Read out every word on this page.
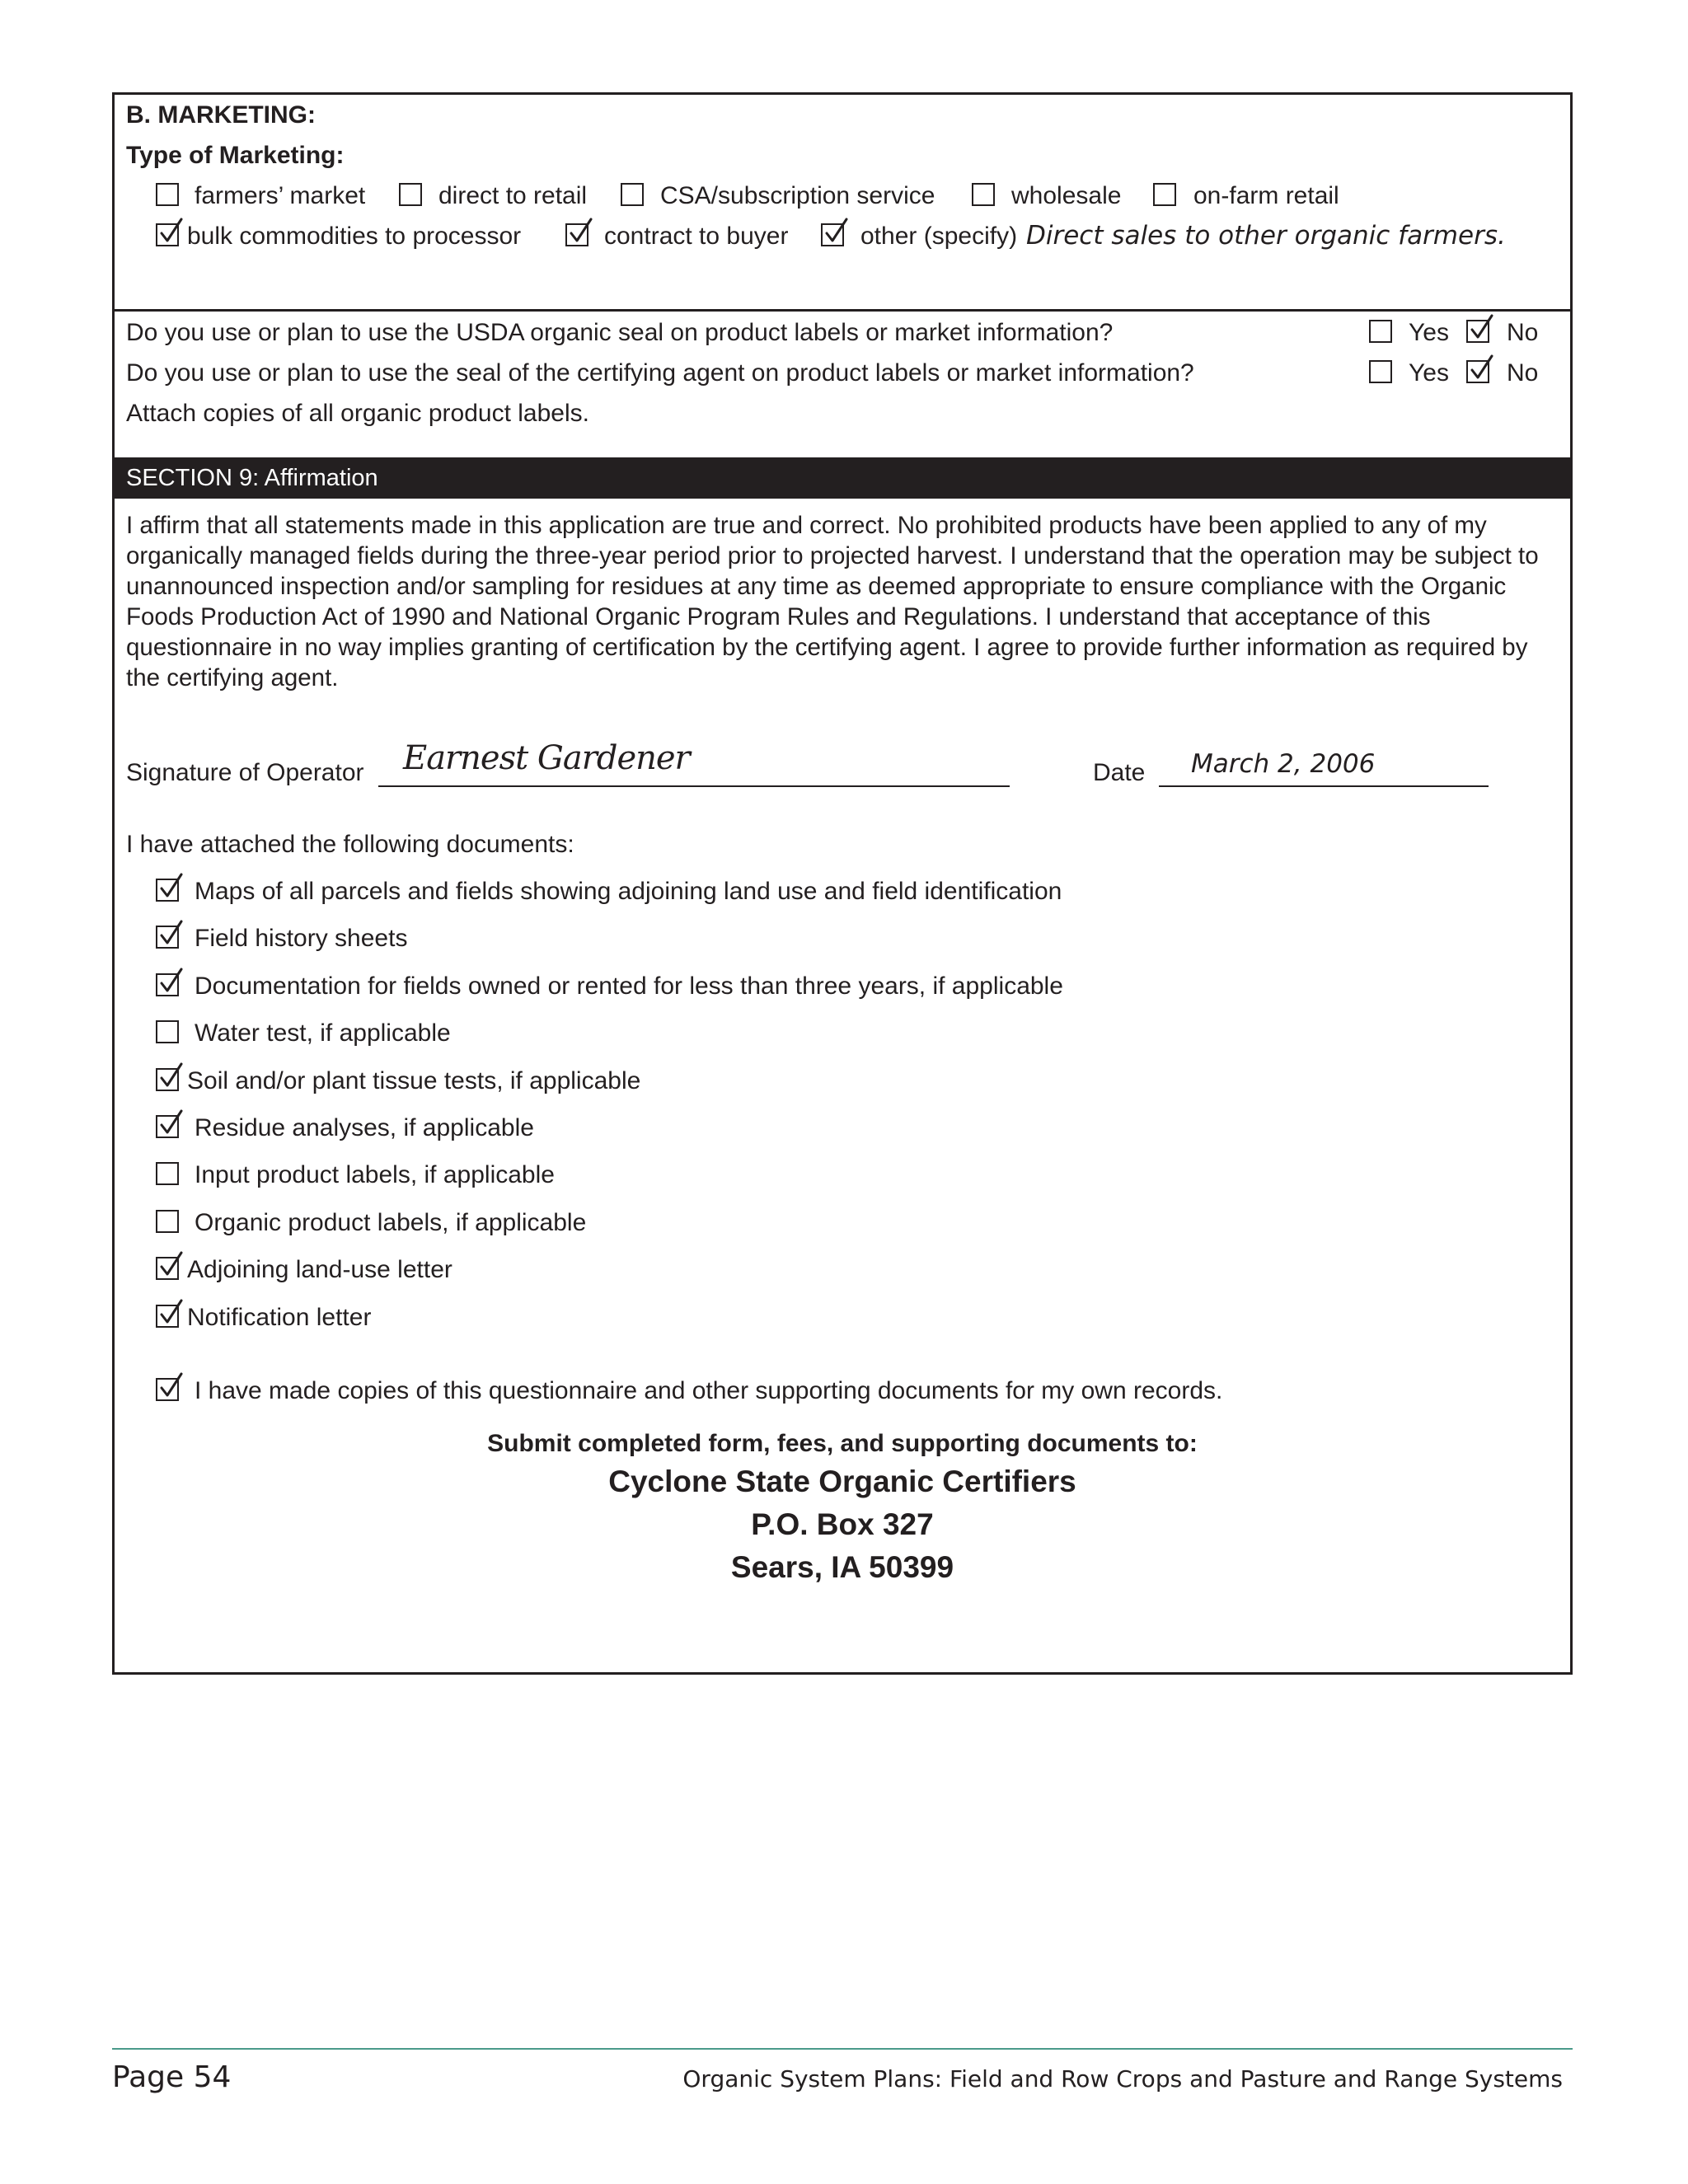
B. MARKETING:
Type of Marketing:
farmers’ market	direct to retail	CSA/subscription service	wholesale	on-farm retail
bulk commodities to processor	contract to buyer	other (specify) Direct sales to other organic farmers.
Do you use or plan to use the USDA organic seal on product labels or market information?	Yes No
Do you use or plan to use the seal of the certifying agent on product labels or market information?	Yes No
Attach copies of all organic product labels.
SECTION 9: Affirmation
I affirm that all statements made in this application are true and correct. No prohibited products have been applied to any of my organically managed fields during the three-year period prior to projected harvest. I understand that the operation may be subject to unannounced inspection and/or sampling for residues at any time as deemed appropriate to ensure compliance with the Organic Foods Production Act of 1990 and National Organic Program Rules and Regulations. I understand that acceptance of this questionnaire in no way implies granting of certification by the certifying agent. I agree to provide further information as required by the certifying agent.
Signature of Operator Earnest Gardener	Date March 2, 2006
I have attached the following documents:
Maps of all parcels and fields showing adjoining land use and field identification
Field history sheets
Documentation for fields owned or rented for less than three years, if applicable
Water test, if applicable
Soil and/or plant tissue tests, if applicable
Residue analyses, if applicable
Input product labels, if applicable
Organic product labels, if applicable
Adjoining land-use letter
Notification letter
I have made copies of this questionnaire and other supporting documents for my own records.
Submit completed form, fees, and supporting documents to:
Cyclone State Organic Certifiers
P.O. Box 327
Sears, IA 50399
Page 54	Organic System Plans: Field and Row Crops and Pasture and Range Systems
